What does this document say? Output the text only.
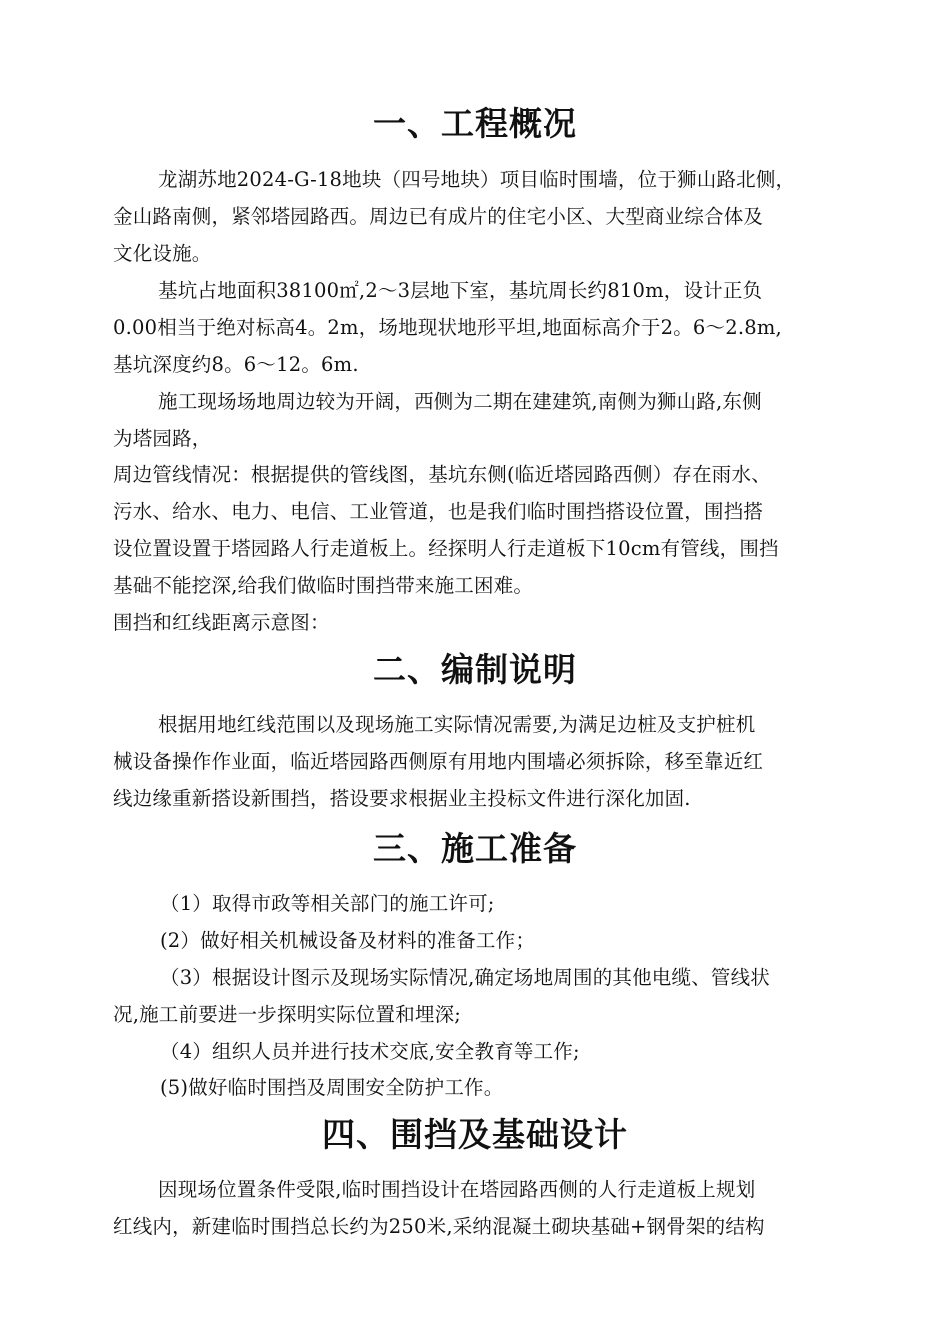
一、工程概况
龙湖苏地2024-G-18地块（四号地块）项目临时围墙，位于狮山路北侧，
金山路南侧，紧邻塔园路西。周边已有成片的住宅小区、大型商业综合体及
文化设施。
基坑占地面积38100㎡,2～3层地下室，基坑周长约810m，设计正负
0.00相当于绝对标高4。2m，场地现状地形平坦,地面标高介于2。6～2.8m,
基坑深度约8。6～12。6m.
施工现场场地周边较为开阔，西侧为二期在建建筑,南侧为狮山路,东侧
为塔园路，
周边管线情况：根据提供的管线图，基坑东侧(临近塔园路西侧）存在雨水、
污水、给水、电力、电信、工业管道，也是我们临时围挡搭设位置，围挡搭
设位置设置于塔园路人行走道板上。经探明人行走道板下10cm有管线，围挡
基础不能挖深,给我们做临时围挡带来施工困难。
围挡和红线距离示意图：
二、编制说明
根据用地红线范围以及现场施工实际情况需要,为满足边桩及支护桩机
械设备操作作业面，临近塔园路西侧原有用地内围墙必须拆除，移至靠近红
线边缘重新搭设新围挡，搭设要求根据业主投标文件进行深化加固.
三、施工准备
（1）取得市政等相关部门的施工许可;
(2）做好相关机械设备及材料的准备工作；
（3）根据设计图示及现场实际情况,确定场地周围的其他电缆、管线状
况,施工前要进一步探明实际位置和埋深;
（4）组织人员并进行技术交底,安全教育等工作;
(5)做好临时围挡及周围安全防护工作。
四、围挡及基础设计
因现场位置条件受限,临时围挡设计在塔园路西侧的人行走道板上规划
红线内，新建临时围挡总长约为250米,采纳混凝土砌块基础+钢骨架的结构
